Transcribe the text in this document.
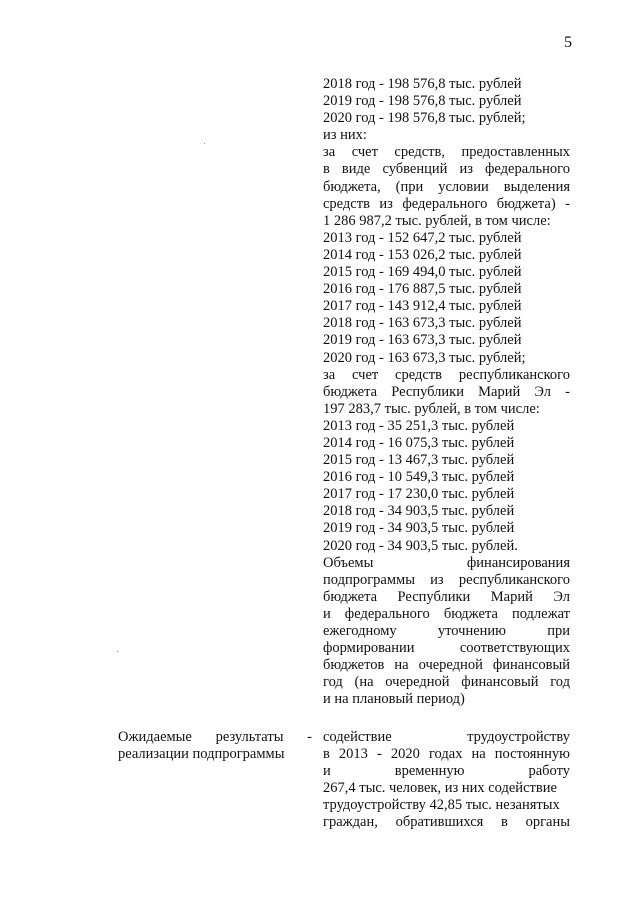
5
2018 год - 198 576,8 тыс. рублей
2019 год - 198 576,8 тыс. рублей
2020 год - 198 576,8 тыс. рублей;
из них:
за счет средств, предоставленных
в виде субвенций из федерального
бюджета, (при условии выделения
средств из федерального бюджета) -
1 286 987,2 тыс. рублей, в том числе:
2013 год - 152 647,2 тыс. рублей
2014 год - 153 026,2 тыс. рублей
2015 год - 169 494,0 тыс. рублей
2016 год - 176 887,5 тыс. рублей
2017 год - 143 912,4 тыс. рублей
2018 год - 163 673,3 тыс. рублей
2019 год - 163 673,3 тыс. рублей
2020 год - 163 673,3 тыс. рублей;
за счет средств республиканского
бюджета Республики Марий Эл -
197 283,7 тыс. рублей, в том числе:
2013 год - 35 251,3 тыс. рублей
2014 год - 16 075,3 тыс. рублей
2015 год - 13 467,3 тыс. рублей
2016 год - 10 549,3 тыс. рублей
2017 год - 17 230,0 тыс. рублей
2018 год - 34 903,5 тыс. рублей
2019 год - 34 903,5 тыс. рублей
2020 год - 34 903,5 тыс. рублей.
Объемы финансирования
подпрограммы из республиканского
бюджета Республики Марий Эл
и федерального бюджета подлежат
ежегодному уточнению при
формировании соответствующих
бюджетов на очередной финансовый
год (на очередной финансовый год
и на плановый период)
Ожидаемые результаты -
реализации подпрограммы
содействие трудоустройству
в 2013 - 2020 годах на постоянную
и временную работу
267,4 тыс. человек, из них содействие
трудоустройству 42,85 тыс. незанятых
граждан, обратившихся в органы
